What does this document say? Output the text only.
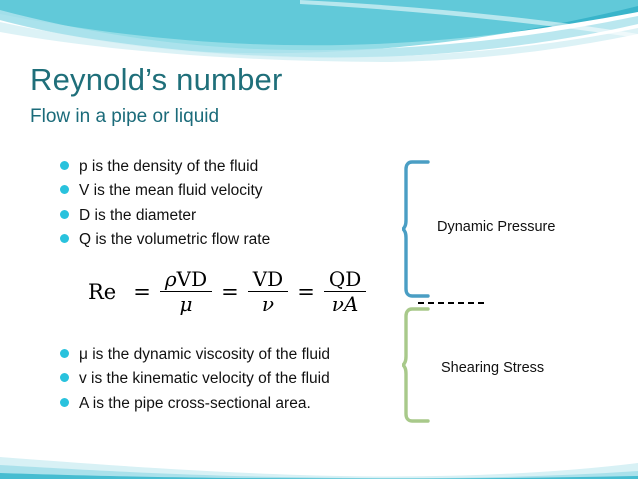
Reynold’s number
Flow in a pipe or liquid
p is the density of the fluid
V is the mean fluid velocity
D is the diameter
Q is the volumetric flow rate
$Re = \frac{\text{ρVD}}{\mu} = \frac{VD}{\nu} = \frac{QD}{\nu A}$
Dynamic Pressure
Shearing Stress
μ is the dynamic viscosity of the fluid
v is the kinematic velocity of the fluid
A is the pipe cross-sectional area.
